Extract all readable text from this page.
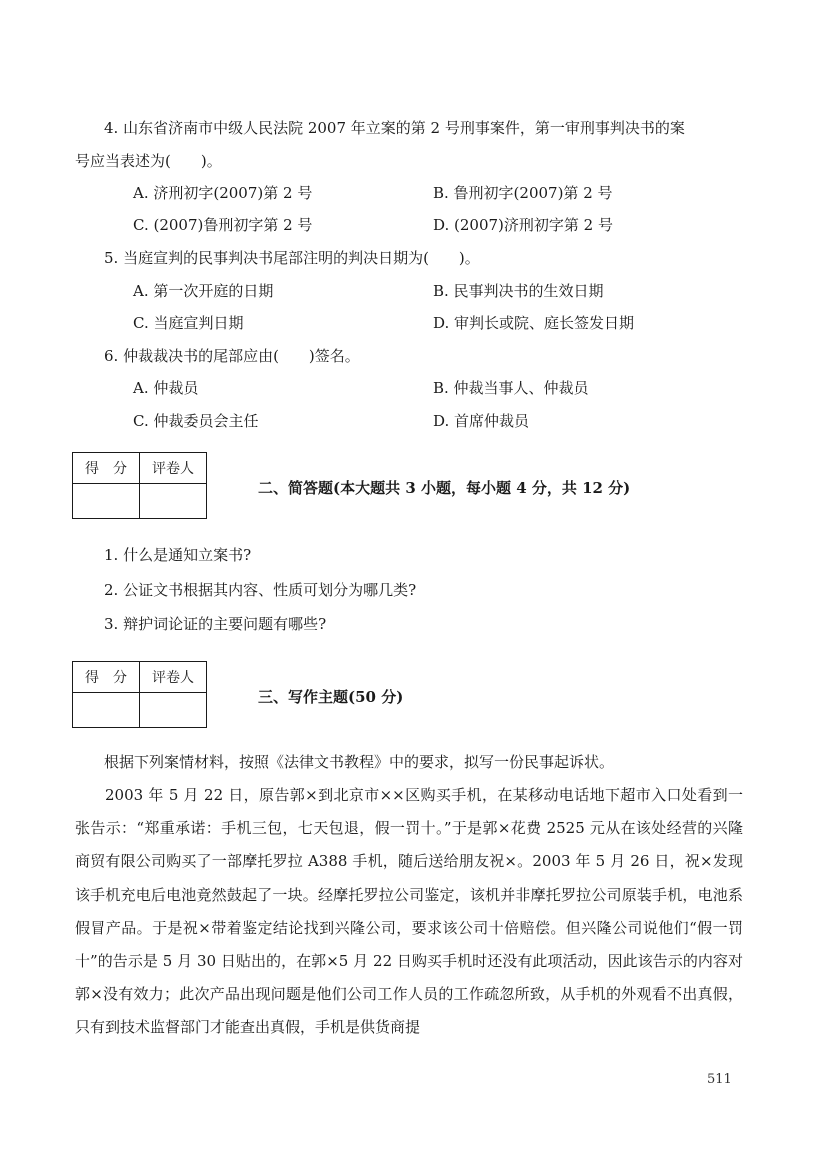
4. 山东省济南市中级人民法院 2007 年立案的第 2 号刑事案件，第一审刑事判决书的案
号应当表述为(　　)。
A. 济刑初字(2007)第 2 号	B. 鲁刑初字(2007)第 2 号
C. (2007)鲁刑初字第 2 号	D. (2007)济刑初字第 2 号
5. 当庭宣判的民事判决书尾部注明的判决日期为(　　)。
A. 第一次开庭的日期	B. 民事判决书的生效日期
C. 当庭宣判日期	D. 审判长或院、庭长签发日期
6. 仲裁裁决书的尾部应由(　　)签名。
A. 仲裁员	B. 仲裁当事人、仲裁员
C. 仲裁委员会主任	D. 首席仲裁员
得　分	评卷人

二、简答题(本大题共 3 小题，每小题 4 分，共 12 分)
1. 什么是通知立案书?
2. 公证文书根据其内容、性质可划分为哪几类?
3. 辩护词论证的主要问题有哪些?
得　分	评卷人

三、写作主题(50 分)
根据下列案情材料，按照《法律文书教程》中的要求，拟写一份民事起诉状。
2003 年 5 月 22 日，原告郭×到北京市××区购买手机，在某移动电话地下超市入口处看到一张告示：“郑重承诺：手机三包，七天包退，假一罚十。”于是郭×花费 2525 元从在该处经营的兴隆商贸有限公司购买了一部摩托罗拉 A388 手机，随后送给朋友祝×。2003 年 5 月 26 日，祝×发现该手机充电后电池竟然鼓起了一块。经摩托罗拉公司鉴定，该机并非摩托罗拉公司原装手机，电池系假冒产品。于是祝×带着鉴定结论找到兴隆公司，要求该公司十倍赔偿。但兴隆公司说他们“假一罚十”的告示是 5 月 30 日贴出的，在郭×5 月 22 日购买手机时还没有此项活动，因此该告示的内容对郭×没有效力；此次产品出现问题是他们公司工作人员的工作疏忽所致，从手机的外观看不出真假，只有到技术监督部门才能查出真假，手机是供货商提
511
